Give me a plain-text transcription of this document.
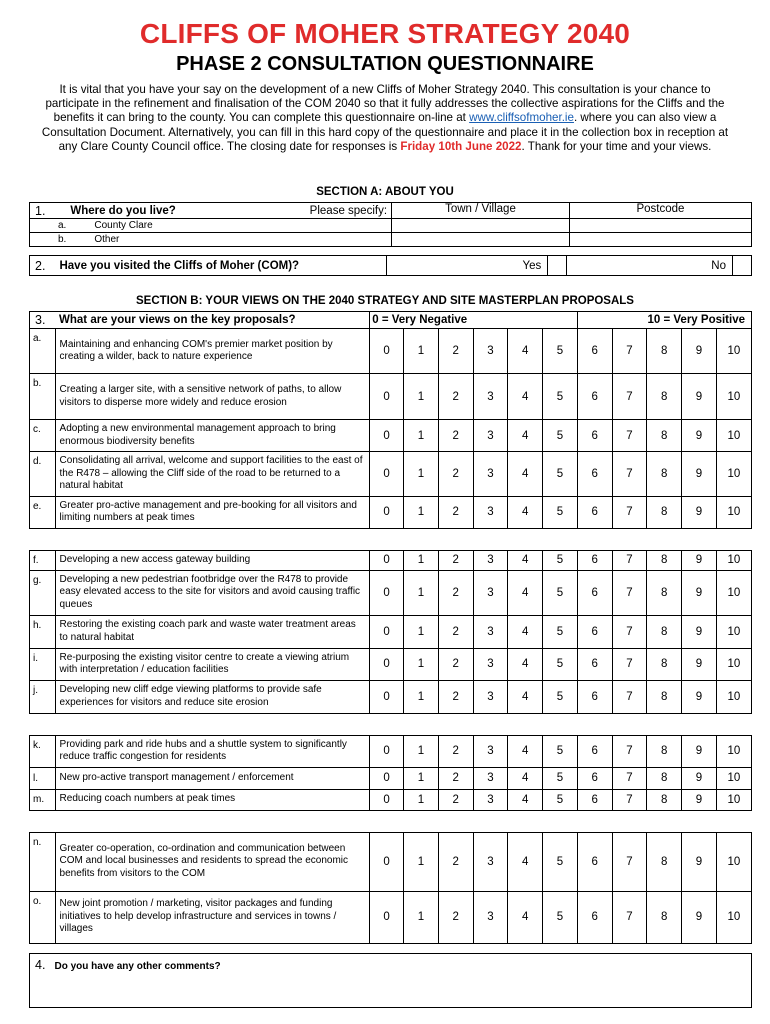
CLIFFS OF MOHER STRATEGY 2040
PHASE 2 CONSULTATION QUESTIONNAIRE
It is vital that you have your say on the development of a new Cliffs of Moher Strategy 2040. This consultation is your chance to participate in the refinement and finalisation of the COM 2040 so that it fully addresses the collective aspirations for the Cliffs and the benefits it can bring to the county. You can complete this questionnaire on-line at www.cliffsofmoher.ie. where you can also view a Consultation Document. Alternatively, you can fill in this hard copy of the questionnaire and place it in the collection box in reception at any Clare County Council office. The closing date for responses is Friday 10th June 2022. Thank for your time and your views.
SECTION A: ABOUT YOU
1.	Where do you live? Please specify:	Town / Village	Postcode
a.	County Clare		
b.	Other		
2.	Have you visited the Cliffs of Moher (COM)?	Yes		No	
SECTION B: YOUR VIEWS ON THE 2040 STRATEGY AND SITE MASTERPLAN PROPOSALS
3.	What are your views on the key proposals?	0 = Very Negative						10 = Very Positive				
a.	Maintaining and enhancing COM's premier market position by creating a wilder, back to nature experience	0	1	2	3	4	5	6	7	8	9	10
b.	Creating a larger site, with a sensitive network of paths, to allow visitors to disperse more widely and reduce erosion	0	1	2	3	4	5	6	7	8	9	10
c.	Adopting a new environmental management approach to bring enormous biodiversity benefits	0	1	2	3	4	5	6	7	8	9	10
d.	Consolidating all arrival, welcome and support facilities to the east of the R478 – allowing the Cliff side of the road to be returned to a natural habitat	0	1	2	3	4	5	6	7	8	9	10
e.	Greater pro-active management and pre-booking for all visitors and limiting numbers at peak times	0	1	2	3	4	5	6	7	8	9	10

f.	Developing a new access gateway building	0	1	2	3	4	5	6	7	8	9	10
g.	Developing a new pedestrian footbridge over the R478 to provide easy elevated access to the site for visitors and avoid causing traffic queues	0	1	2	3	4	5	6	7	8	9	10
h.	Restoring the existing coach park and waste water treatment areas to natural habitat	0	1	2	3	4	5	6	7	8	9	10
i.	Re-purposing the existing visitor centre to create a viewing atrium with interpretation / education facilities	0	1	2	3	4	5	6	7	8	9	10
j.	Developing new cliff edge viewing platforms to provide safe experiences for visitors and reduce site erosion	0	1	2	3	4	5	6	7	8	9	10

k.	Providing park and ride hubs and a shuttle system to significantly reduce traffic congestion for residents	0	1	2	3	4	5	6	7	8	9	10
l.	New pro-active transport management / enforcement	0	1	2	3	4	5	6	7	8	9	10
m.	Reducing coach numbers at peak times	0	1	2	3	4	5	6	7	8	9	10

n.	Greater co-operation, co-ordination and communication between COM and local businesses and residents to spread the economic benefits from visitors to the COM	0	1	2	3	4	5	6	7	8	9	10
o.	New joint promotion / marketing, visitor packages and funding initiatives to help develop infrastructure and services in towns / villages	0	1	2	3	4	5	6	7	8	9	10
4. Do you have any other comments?
